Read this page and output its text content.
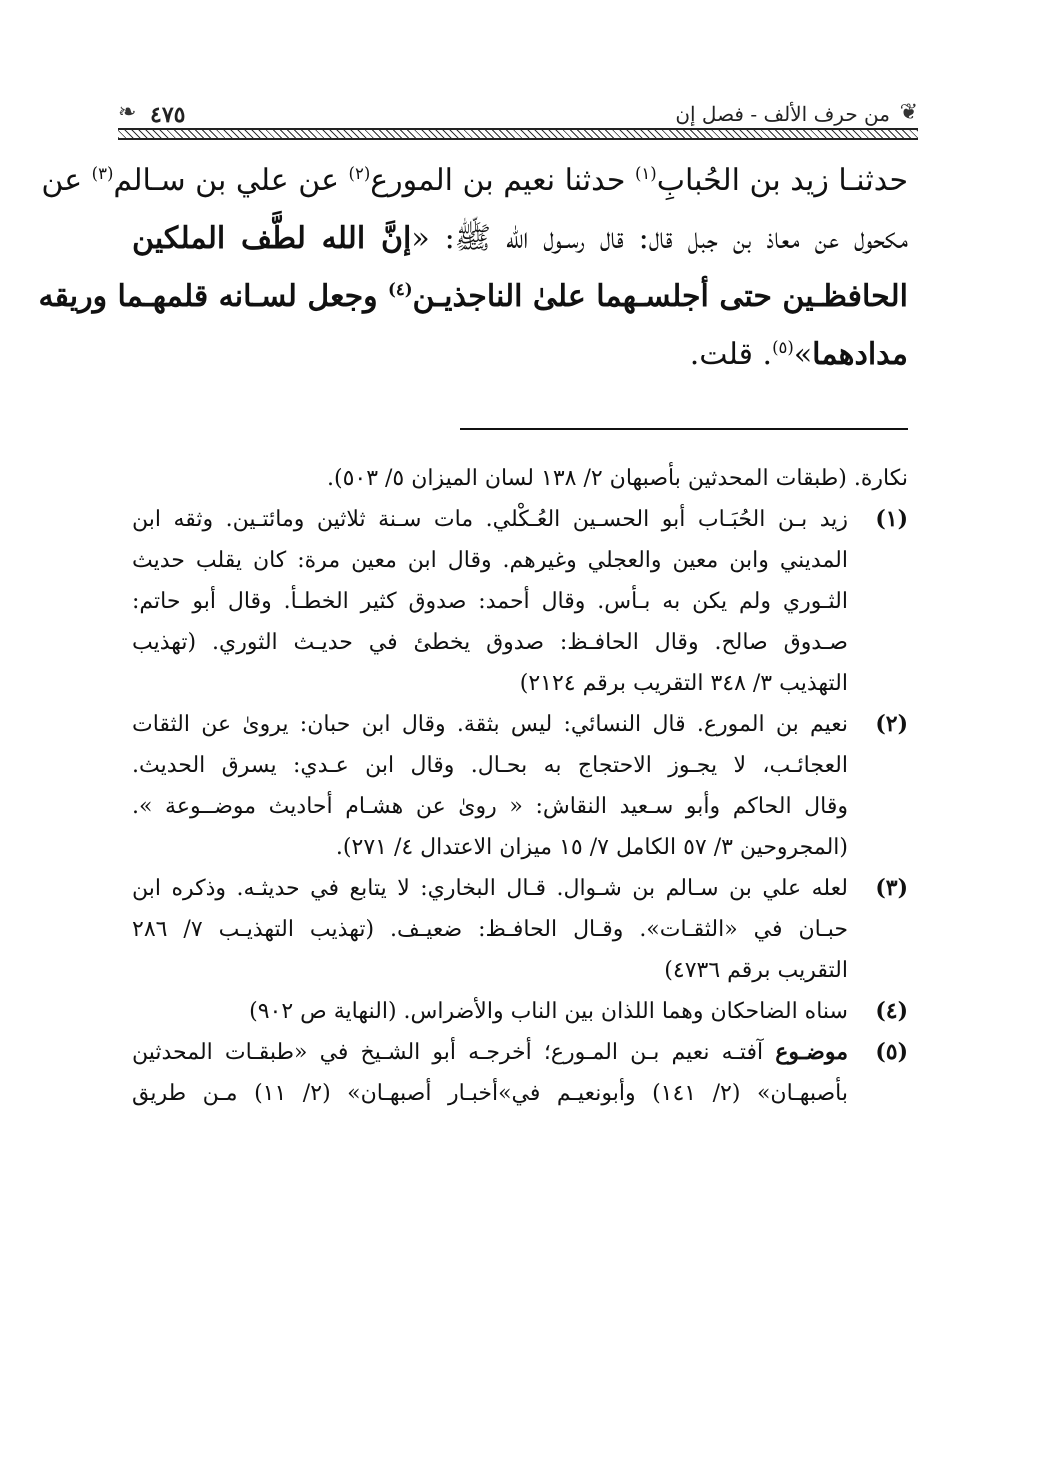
❦
من حرف الألف - فصل إن
٤٧٥
❧
حدثنـا زيد بن الحُبابِ$^{(١)}$ حدثنا نعيم بن المورع$^{(٢)}$ عن علي بن سـالم$^{(٣)}$ عن
مكحول عن معاذ بن جبل قال: قال رسـول الله ﷺ: «إنَّ الله لطَّف الملكين
الحافظـين حتى أجلسـهما علىٰ الناجذيـن$^{(٤)}$ وجعل لسـانه قلمهـما وريقه
مدادهما»$^{(٥)}$. قلت.
نكارة. (طبقات المحدثين بأصبهان ٢/ ١٣٨ لسان الميزان ٥/ ٥٠٣).
(١)زيد بـن الحُبَـاب أبو الحسـين العُـكْلي. مات سـنة ثلاثين ومائتـين. وثقه ابن
المديني وابن معين والعجلي وغيرهم. وقال ابن معين مرة: كان يقلب حديث
الثـوري ولم يكن به بـأس. وقال أحمد: صدوق كثير الخطـأ. وقال أبو حاتم:
صـدوق صالح. وقال الحافـظ: صدوق يخطئ في حديـث الثوري. (تهذيب
التهذيب ٣/ ٣٤٨ التقريب برقم ٢١٢٤)
(٢)نعيم بن المورع. قال النسائي: ليس بثقة. وقال ابن حبان: يروىٰ عن الثقات
العجائـب، لا يجـوز الاحتجاج به بحـال. وقال ابن عـدي: يسرق الحديث.
وقال الحاكم وأبو سـعيد النقاش: « روىٰ عن هشـام أحاديث موضــوعة ».
(المجروحين ٣/ ٥٧ الكامل ٧/ ١٥ ميزان الاعتدال ٤/ ٢٧١).
(٣)لعله علي بن سـالم بن شـوال. قـال البخاري: لا يتابع في حديثـه. وذكره ابن
حبـان في «الثقـات». وقـال الحافـظ: ضعيـف. (تهذيب التهذيـب ٧/ ٢٨٦
التقريب برقم ٤٧٣٦)
(٤)سناه الضاحكان وهما اللذان بين الناب والأضراس. (النهاية ص ٩٠٢)
(٥)موضـوع آفتـه نعيم بـن المـورع؛ أخرجـه أبو الشـيخ في «طبقـات المحدثين
بأصبهـان» (٢/ ١٤١) وأبونعيـم في»أخبـار أصبهـان» (٢/ ١١) مـن طريق
